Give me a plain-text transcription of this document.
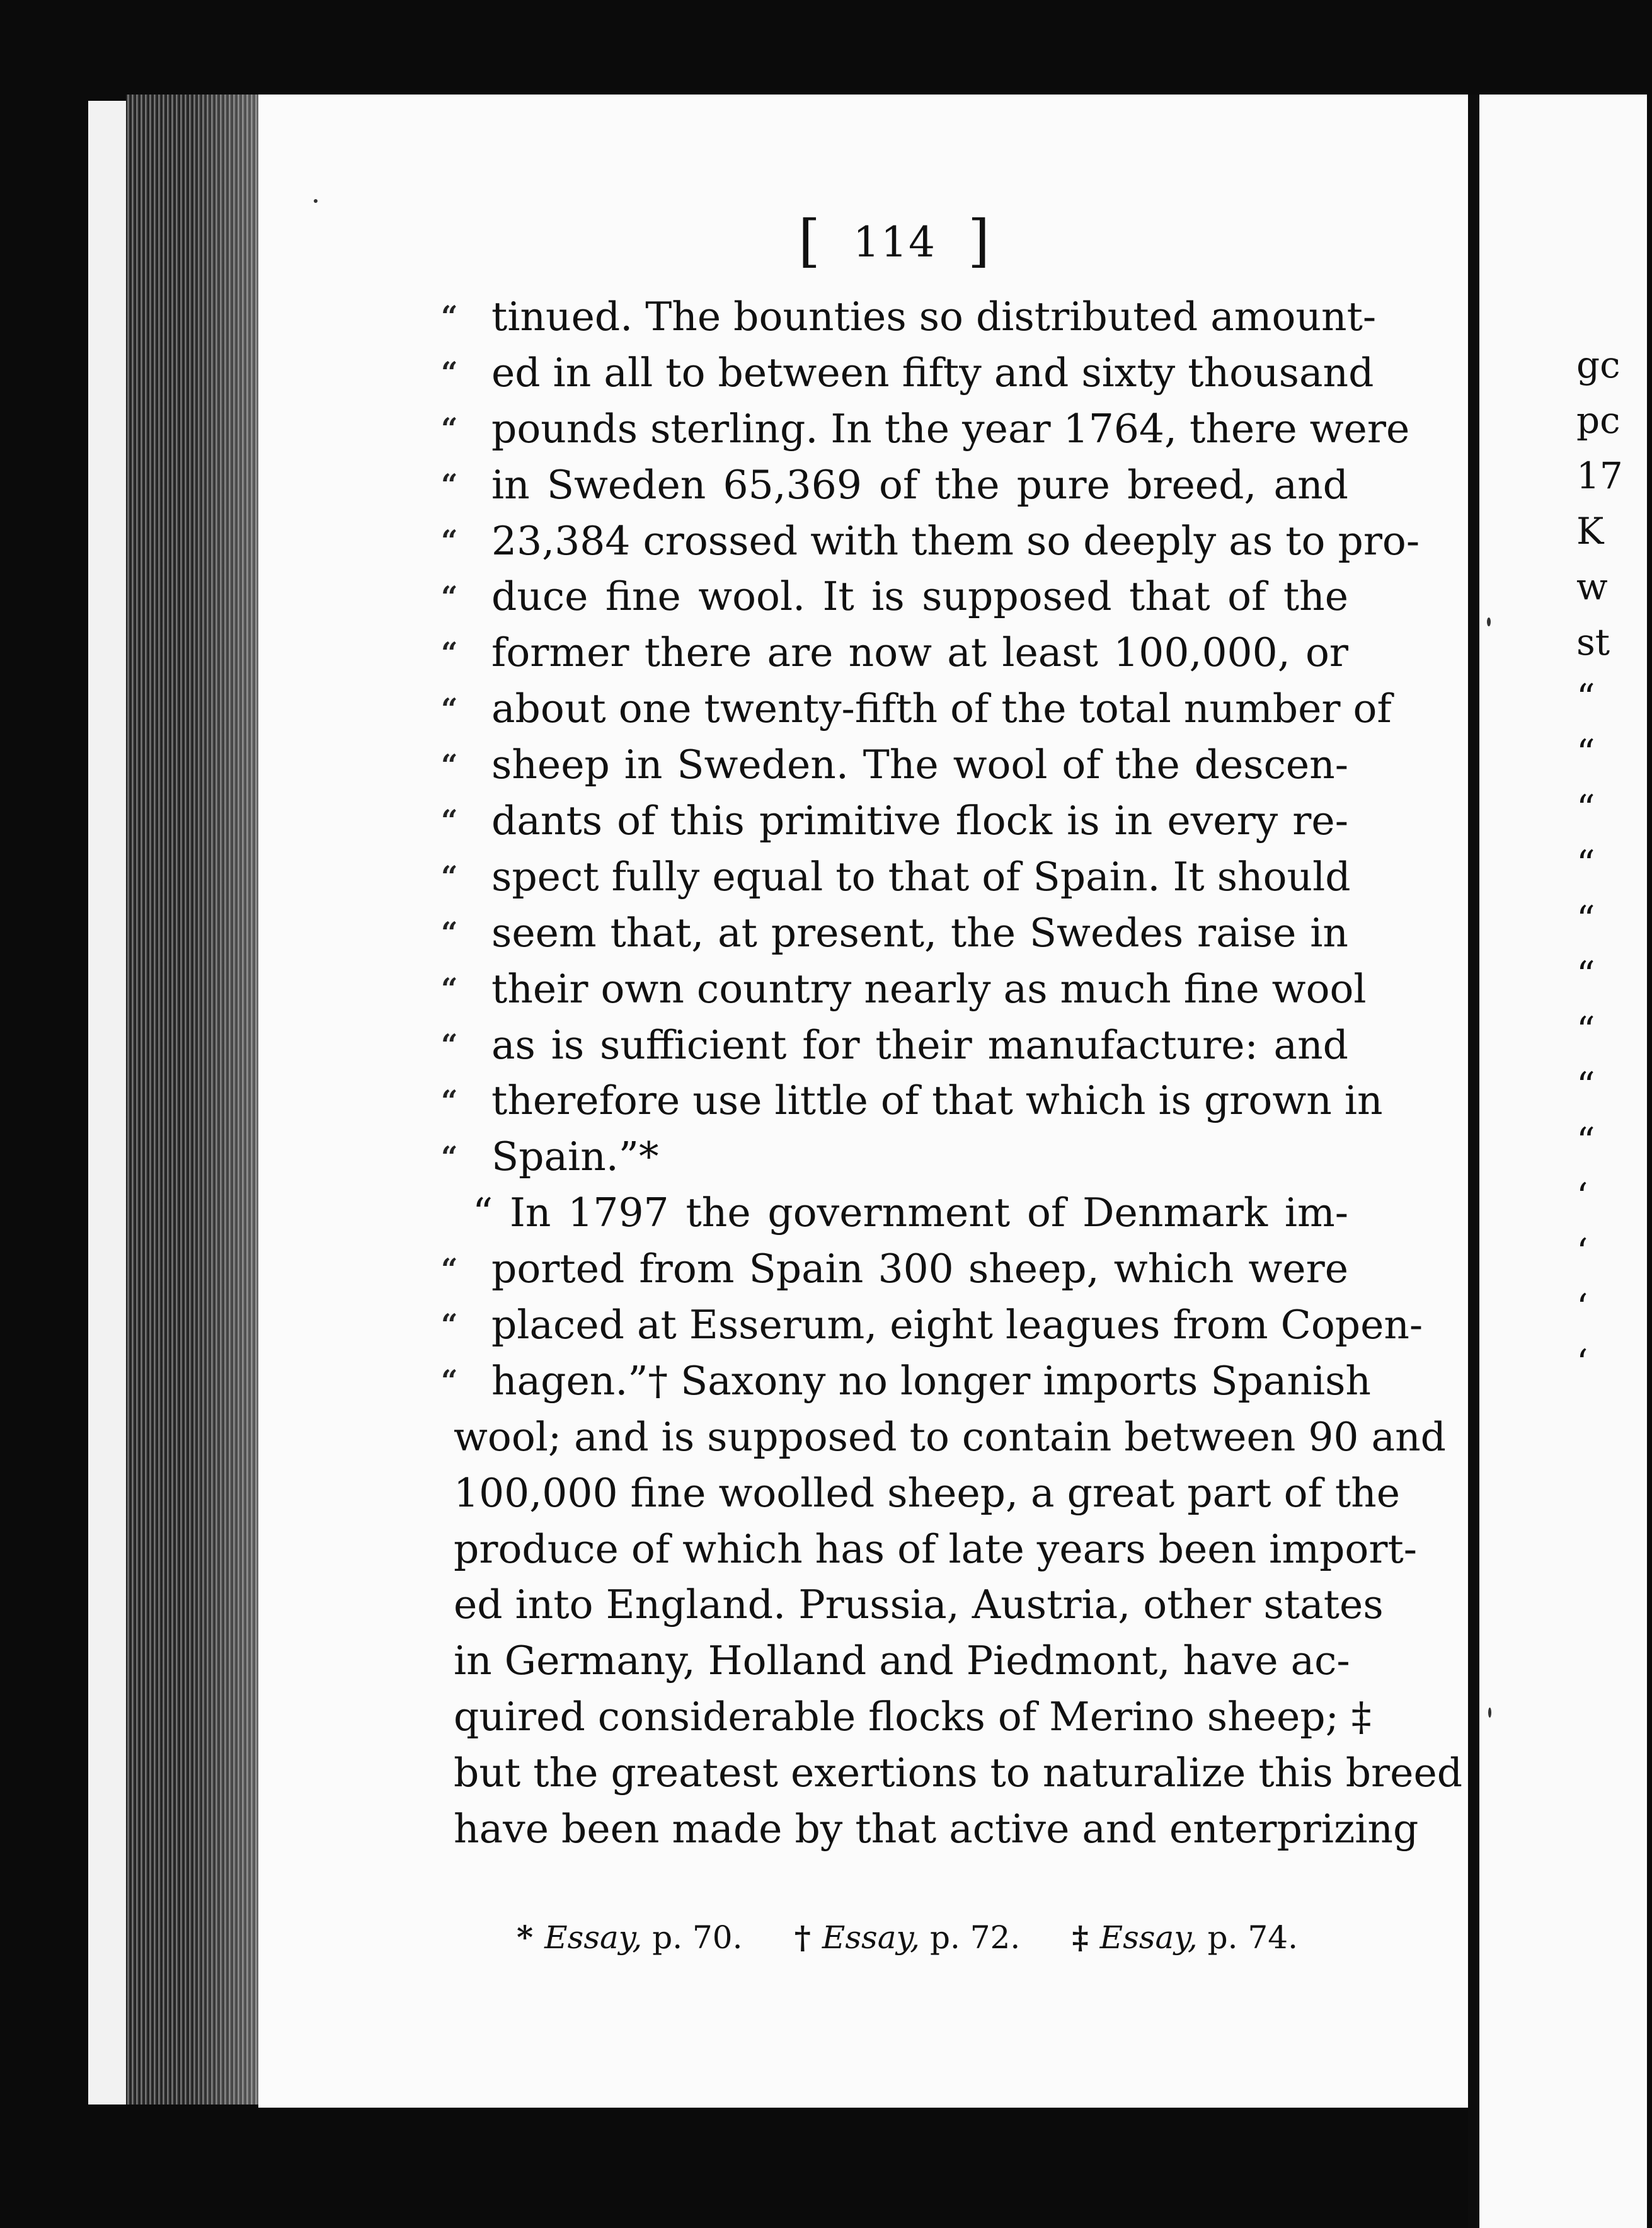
gc
pc
17
K
w
st
“
“
“
“
“
“
“
“
“
‘
‘
‘
‘
[ 114 ]
“ tinued. The bounties so distributed amount-
“ ed in all to between fifty and sixty thousand
“ pounds sterling. In the year 1764, there were
“ in Sweden 65,369 of the pure breed, and
“ 23,384 crossed with them so deeply as to pro-
“ duce fine wool. It is supposed that of the
“ former there are now at least 100,000, or
“ about one twenty-fifth of the total number of
“ sheep in Sweden. The wool of the descen-
“ dants of this primitive flock is in every re-
“ spect fully equal to that of Spain. It should
“ seem that, at present, the Swedes raise in
“ their own country nearly as much fine wool
“ as is sufficient for their manufacture: and
“ therefore use little of that which is grown in
“ Spain.”*
“ In 1797 the government of Denmark im-
“ ported from Spain 300 sheep, which were
“ placed at Esserum, eight leagues from Copen-
“ hagen.”† Saxony no longer imports Spanish
wool; and is supposed to contain between 90 and
100,000 fine woolled sheep, a great part of the
produce of which has of late years been import-
ed into England. Prussia, Austria, other states
in Germany, Holland and Piedmont, have ac-
quired considerable flocks of Merino sheep; ‡
but the greatest exertions to naturalize this breed
have been made by that active and enterprizing
* Essay, p. 70. † Essay, p. 72. ‡ Essay, p. 74.
